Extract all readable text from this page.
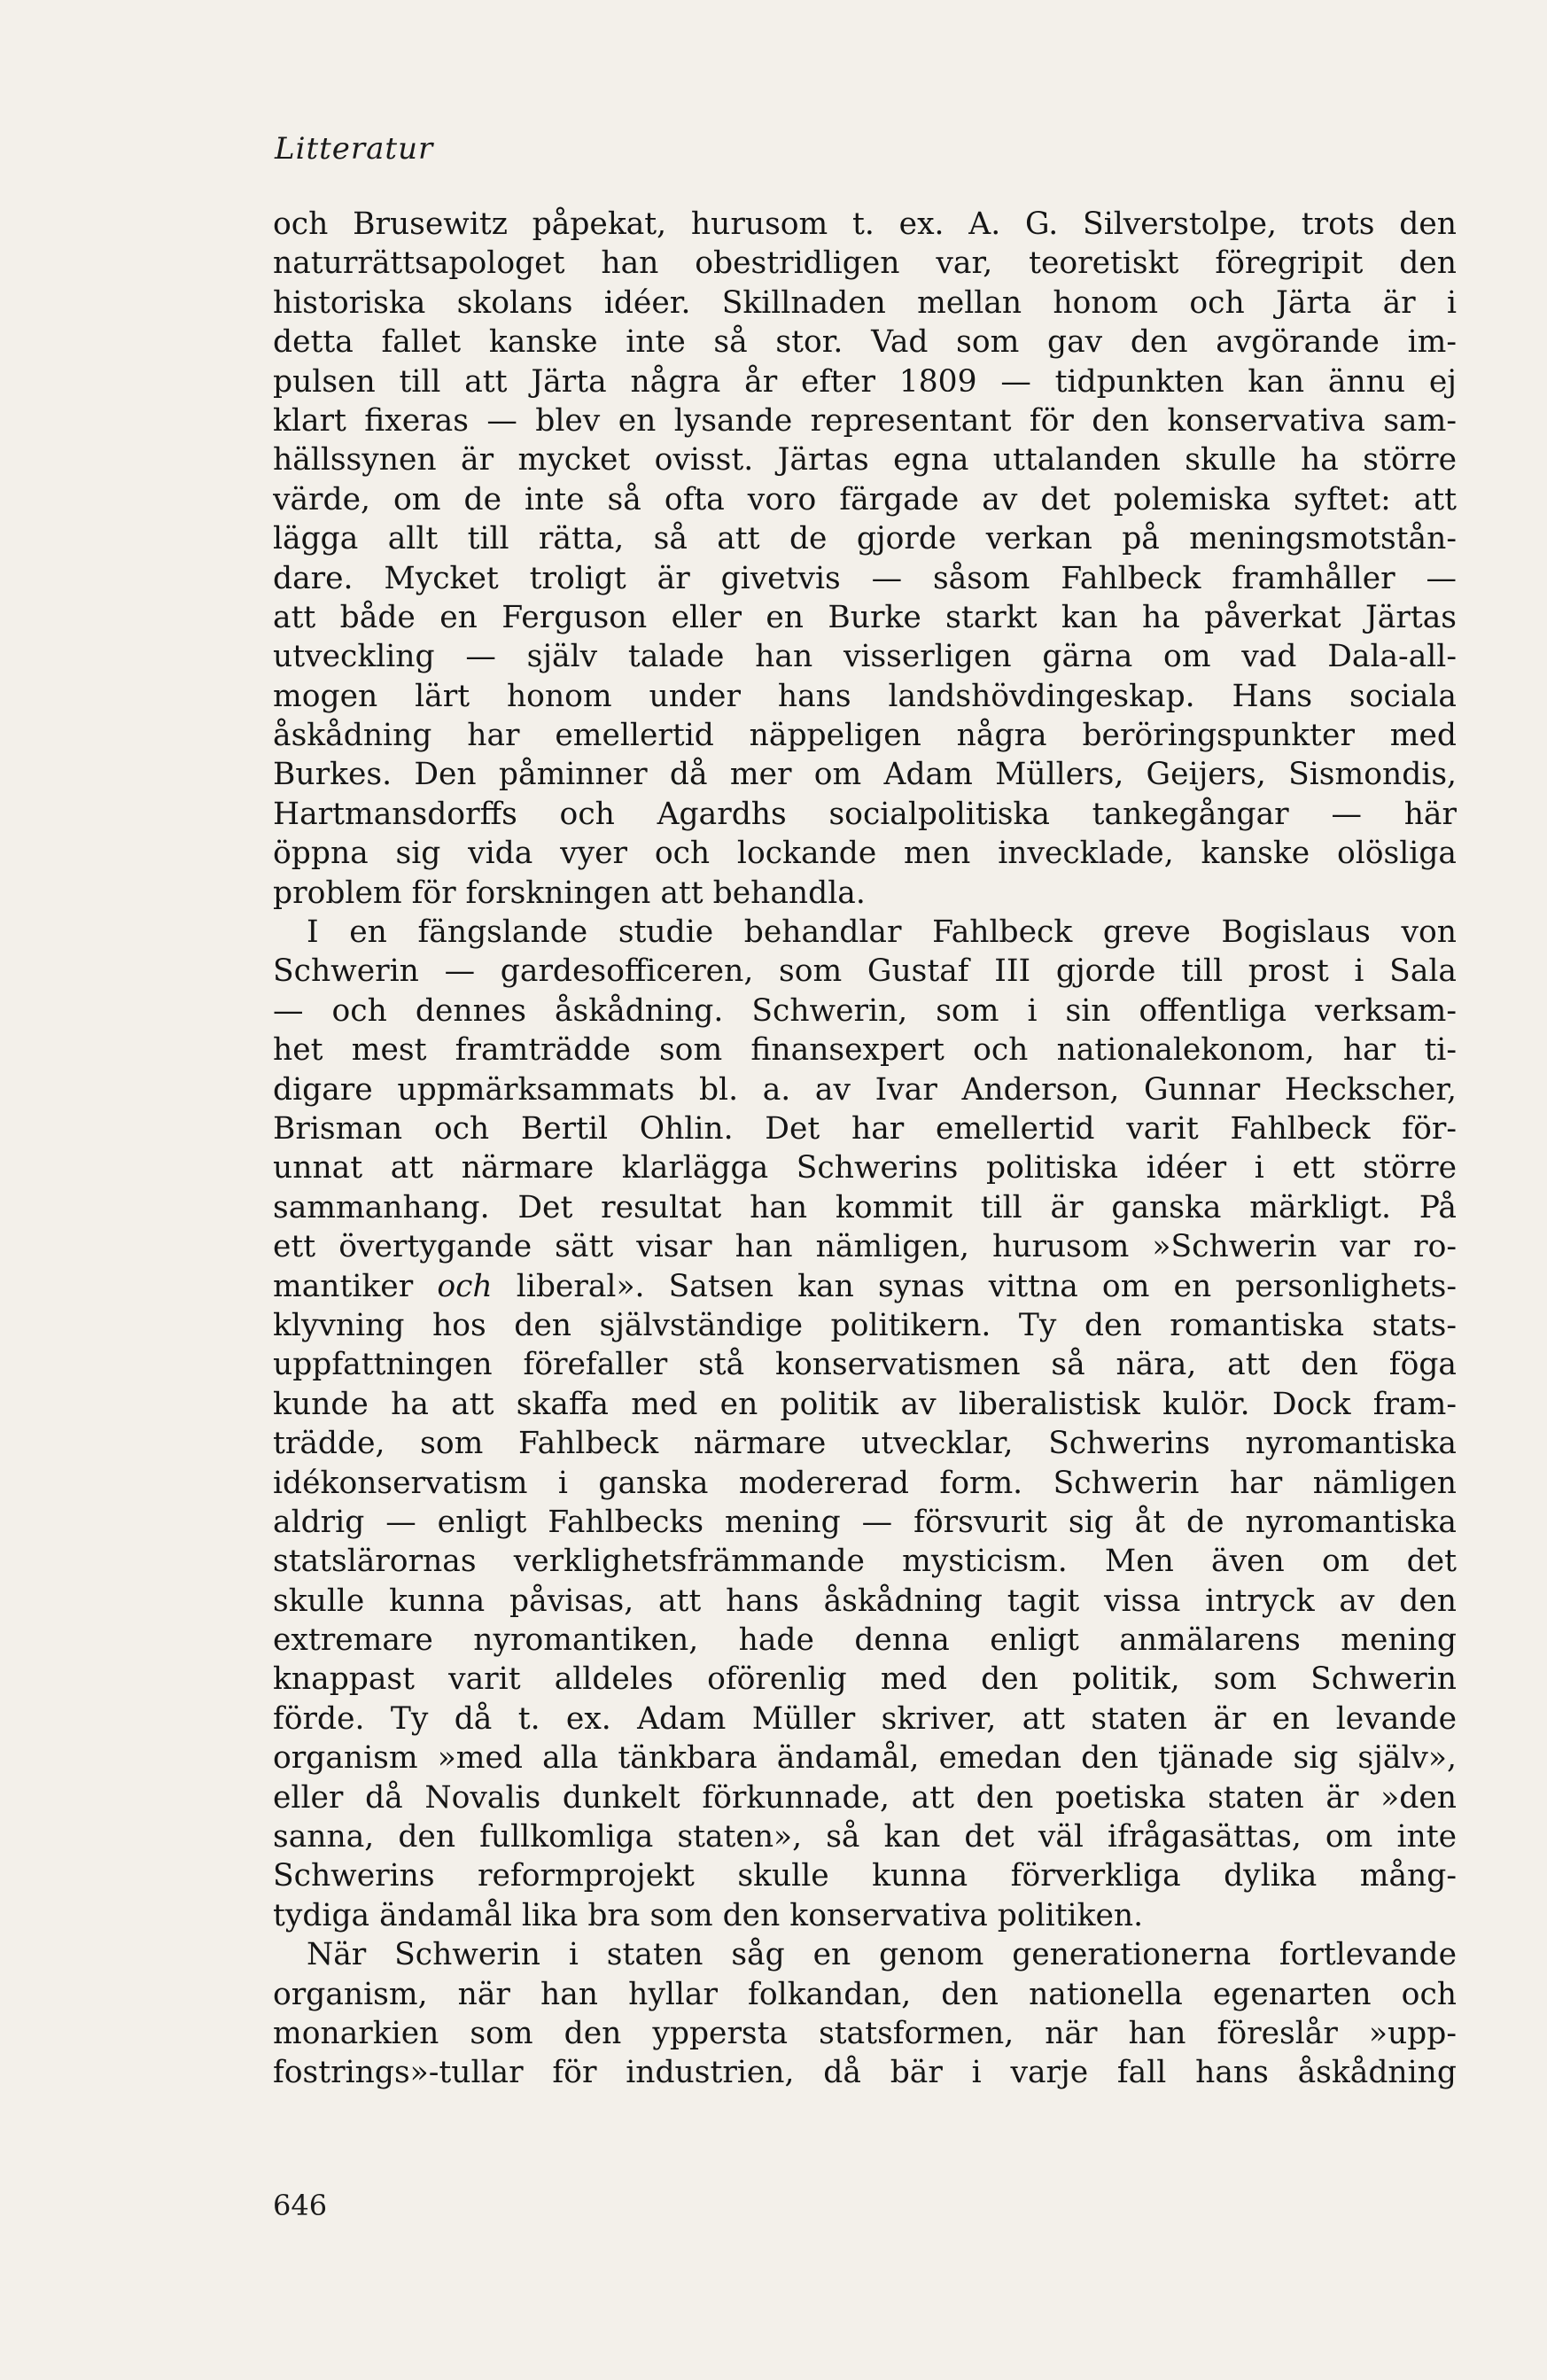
Litteratur
och Brusewitz påpekat, hurusom t. ex. A. G. Silverstolpe, trots den
naturrättsapologet han obestridligen var, teoretiskt föregripit den
historiska skolans idéer. Skillnaden mellan honom och Järta är i
detta fallet kanske inte så stor. Vad som gav den avgörande im-
pulsen till att Järta några år efter 1809 — tidpunkten kan ännu ej
klart fixeras — blev en lysande representant för den konservativa sam-
hällssynen är mycket ovisst. Järtas egna uttalanden skulle ha större
värde, om de inte så ofta voro färgade av det polemiska syftet: att
lägga allt till rätta, så att de gjorde verkan på meningsmotstån-
dare. Mycket troligt är givetvis — såsom Fahlbeck framhåller —
att både en Ferguson eller en Burke starkt kan ha påverkat Järtas
utveckling — själv talade han visserligen gärna om vad Dala-all-
mogen lärt honom under hans landshövdingeskap. Hans sociala
åskådning har emellertid näppeligen några beröringspunkter med
Burkes. Den påminner då mer om Adam Müllers, Geijers, Sismondis,
Hartmansdorffs och Agardhs socialpolitiska tankegångar — här
öppna sig vida vyer och lockande men invecklade, kanske olösliga
problem för forskningen att behandla.
I en fängslande studie behandlar Fahlbeck greve Bogislaus von
Schwerin — gardesofficeren, som Gustaf III gjorde till prost i Sala
— och dennes åskådning. Schwerin, som i sin offentliga verksam-
het mest framträdde som finansexpert och nationalekonom, har ti-
digare uppmärksammats bl. a. av Ivar Anderson, Gunnar Heckscher,
Brisman och Bertil Ohlin. Det har emellertid varit Fahlbeck för-
unnat att närmare klarlägga Schwerins politiska idéer i ett större
sammanhang. Det resultat han kommit till är ganska märkligt. På
ett övertygande sätt visar han nämligen, hurusom »Schwerin var ro-
mantiker och liberal». Satsen kan synas vittna om en personlighets-
klyvning hos den självständige politikern. Ty den romantiska stats-
uppfattningen förefaller stå konservatismen så nära, att den föga
kunde ha att skaffa med en politik av liberalistisk kulör. Dock fram-
trädde, som Fahlbeck närmare utvecklar, Schwerins nyromantiska
idékonservatism i ganska modererad form. Schwerin har nämligen
aldrig — enligt Fahlbecks mening — försvurit sig åt de nyromantiska
statslärornas verklighetsfrämmande mysticism. Men även om det
skulle kunna påvisas, att hans åskådning tagit vissa intryck av den
extremare nyromantiken, hade denna enligt anmälarens mening
knappast varit alldeles oförenlig med den politik, som Schwerin
förde. Ty då t. ex. Adam Müller skriver, att staten är en levande
organism »med alla tänkbara ändamål, emedan den tjänade sig själv»,
eller då Novalis dunkelt förkunnade, att den poetiska staten är »den
sanna, den fullkomliga staten», så kan det väl ifrågasättas, om inte
Schwerins reformprojekt skulle kunna förverkliga dylika mång-
tydiga ändamål lika bra som den konservativa politiken.
När Schwerin i staten såg en genom generationerna fortlevande
organism, när han hyllar folkandan, den nationella egenarten och
monarkien som den yppersta statsformen, när han föreslår »upp-
fostrings»-tullar för industrien, då bär i varje fall hans åskådning
646
